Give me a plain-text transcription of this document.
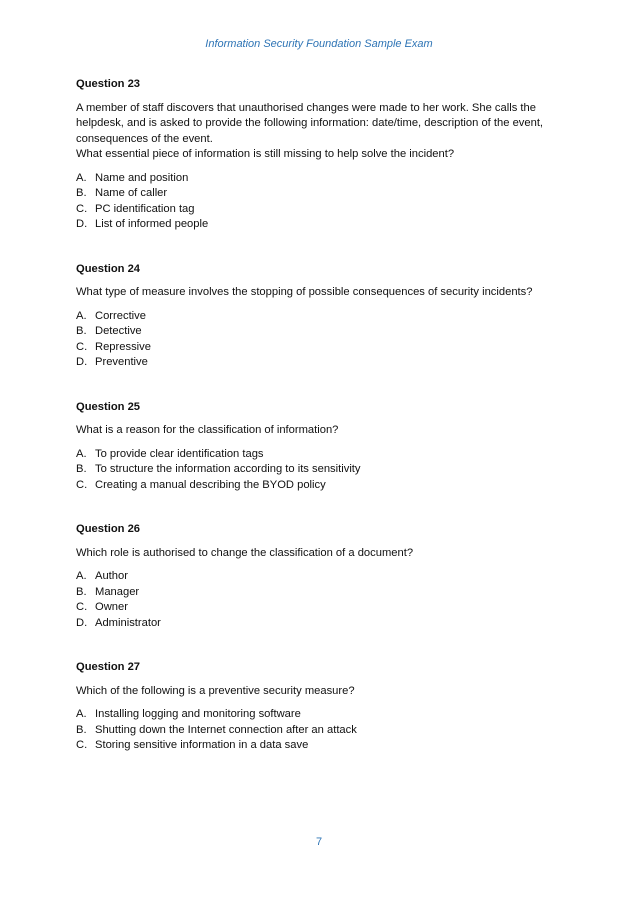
Information Security Foundation Sample Exam

Question 23

A member of staff discovers that unauthorised changes were made to her work. She calls the

helpdesk, and is asked to provide the following information: date/time, description of the event,

consequences of the event.

What essential piece of information is still missing to help solve the incident?

A. Name and position
B. Name of caller
C. PC identification tag
D. List of informed people

Question 24

What type of measure involves the stopping of possible consequences of security incidents?

A. Corrective
B. Detective
C. Repressive
D. Preventive

Question 25

What is a reason for the classification of information?

A. To provide clear identification tags
B. To structure the information according to its sensitivity
C. Creating a manual describing the BYOD policy

Question 26

Which role is authorised to change the classification of a document?

A. Author
B. Manager
C. Owner
D. Administrator

Question 27

Which of the following is a preventive security measure?

A. Installing logging and monitoring software
B. Shutting down the Internet connection after an attack
C. Storing sensitive information in a data save
7
